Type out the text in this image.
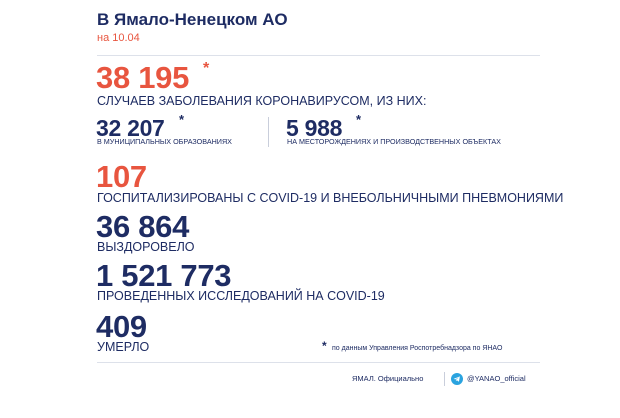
В Ямало-Ненецком АО
на 10.04
38 195 *
СЛУЧАЕВ ЗАБОЛЕВАНИЯ КОРОНАВИРУСОМ, ИЗ НИХ:
32 207 *
В МУНИЦИПАЛЬНЫХ ОБРАЗОВАНИЯХ
5 988 *
НА МЕСТОРОЖДЕНИЯХ И ПРОИЗВОДСТВЕННЫХ ОБЪЕКТАХ
107
ГОСПИТАЛИЗИРОВАНЫ С COVID-19 И ВНЕБОЛЬНИЧНЫМИ ПНЕВМОНИЯМИ
36 864
ВЫЗДОРОВЕЛО
1 521 773
ПРОВЕДЕННЫХ ИССЛЕДОВАНИЙ НА COVID-19
409
УМЕРЛО	* по данным Управления Роспотребнадзора по ЯНАО
ЯМАЛ. Официально	@YANAO_official
